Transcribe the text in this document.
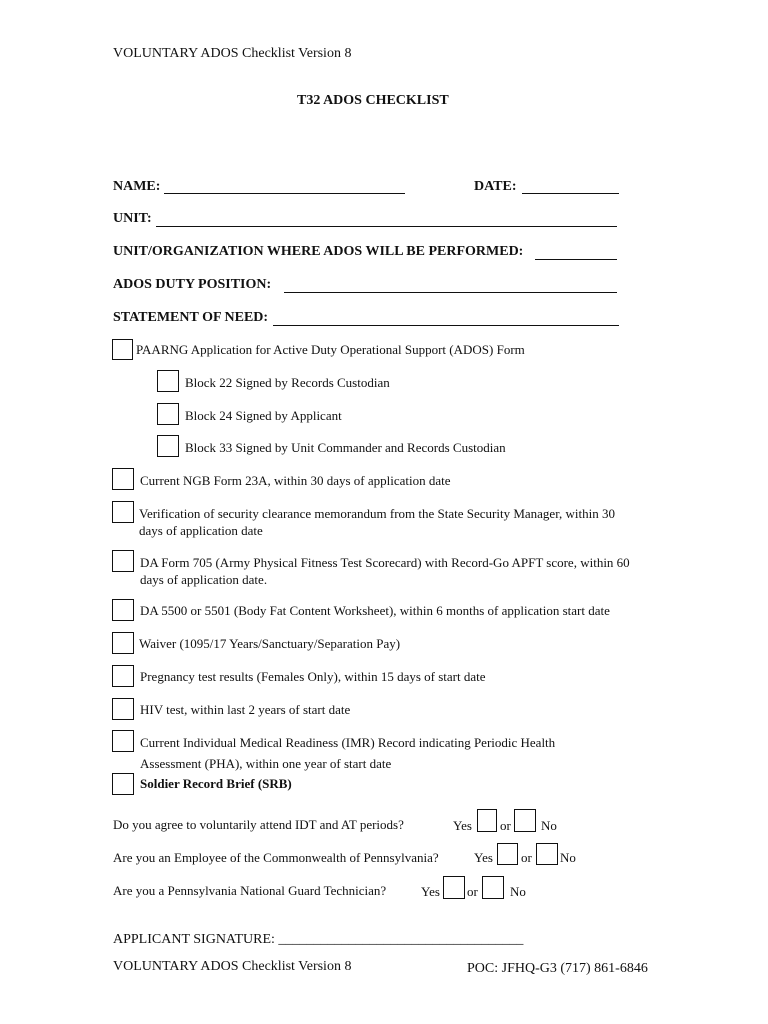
VOLUNTARY ADOS Checklist Version 8
T32 ADOS CHECKLIST
NAME:	DATE:
UNIT:
UNIT/ORGANIZATION WHERE ADOS WILL BE PERFORMED:
ADOS DUTY POSITION:
STATEMENT OF NEED:
PAARNG Application for Active Duty Operational Support (ADOS) Form
Block 22 Signed by Records Custodian
Block 24 Signed by Applicant
Block 33 Signed by Unit Commander and Records Custodian
Current NGB Form 23A, within 30 days of application date
Verification of security clearance memorandum from the State Security Manager, within 30
days of application date
DA Form 705 (Army Physical Fitness Test Scorecard) with Record-Go APFT score, within 60
days of application date.
DA 5500 or 5501 (Body Fat Content Worksheet), within 6 months of application start date
Waiver (1095/17 Years/Sanctuary/Separation Pay)
Pregnancy test results (Females Only), within 15 days of start date
HIV test, within last 2 years of start date
Current Individual Medical Readiness (IMR) Record indicating Periodic Health
Assessment (PHA), within one year of start date
Soldier Record Brief (SRB)
Do you agree to voluntarily attend IDT and AT periods?	Yes or No
Are you an Employee of the Commonwealth of Pennsylvania?	Yes or No
Are you a Pennsylvania National Guard Technician?	Yes or No
APPLICANT SIGNATURE: ___________________________________
VOLUNTARY ADOS Checklist Version 8	POC: JFHQ-G3 (717) 861-6846
